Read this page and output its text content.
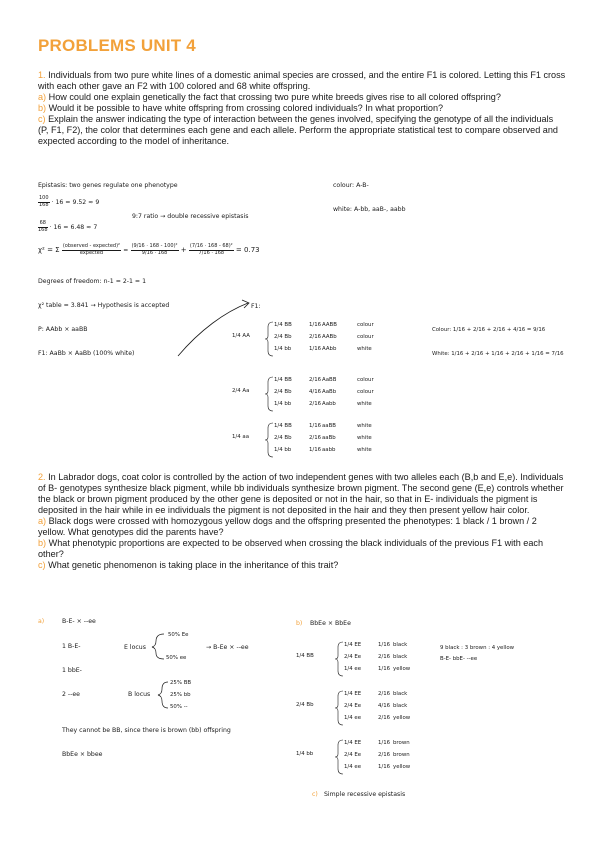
PROBLEMS UNIT 4

1. Individuals from two pure white lines of a domestic animal species are crossed, and the entire F1 is colored. Letting this F1 cross with each other gave an F2 with 100 colored and 68 white offspring.
a) How could one explain genetically the fact that crossing two pure white breeds gives rise to all colored offspring?
b) Would it be possible to have white offspring from crossing colored individuals? In what proportion?
c) Explain the answer indicating the type of interaction between the genes involved, specifying the genotype of all the individuals (P, F1, F2), the color that determines each gene and each allele. Perform the appropriate statistical test to compare observed and expected according to the model of inheritance.

Epistasis: two genes regulate one phenotype	colour: A-B-
white: A-bb, aaB-, aabb
$\frac{100}{168} \cdot 16 = 9.52 \approx 9$
9:7 ratio → double recessive epistasis
$\frac{68}{168} \cdot 16 = 6.48 \approx 7$
χ² = Σ $\frac{\text{(observed - expected)²}}{\text{expected}} = \frac{\text{(9/16 · 168 - 100)²}}{9/16 \cdot 168} + \frac{\text{(7/16 · 168 - 68)²}}{7/16 \cdot 168} = 0.73$
Degrees of freedom: n-1 = 2-1 = 1
χ² table = 3.841 → Hypothesis is accepted
P: AAbb × aaBB
F1: AaBb × AaBb (100% white)
F1:
1/4 AA
1/4 BB	1/16 AABB	colour
2/4 Bb	2/16 AABb	colour
1/4 bb	1/16 AAbb	white
2/4 Aa
1/4 BB	2/16 AaBB	colour
2/4 Bb	4/16 AaBb	colour
1/4 bb	2/16 Aabb	white
1/4 aa
1/4 BB	1/16 aaBB	white
2/4 Bb	2/16 aaBb	white
1/4 bb	1/16 aabb	white
Colour: 1/16 + 2/16 + 2/16 + 4/16 = 9/16
White: 1/16 + 2/16 + 1/16 + 2/16 + 1/16 = 7/16

2. In Labrador dogs, coat color is controlled by the action of two independent genes with two alleles each (B,b and E,e). Individuals of B- genotypes synthesize black pigment, while bb individuals synthesize brown pigment. The second gene (E,e) controls whether the black or brown pigment produced by the other gene is deposited or not in the hair, so that in E- individuals the pigment is deposited in the hair while in ee individuals the pigment is not deposited in the hair and they then present yellow hair color.
a) Black dogs were crossed with homozygous yellow dogs and the offspring presented the phenotypes: 1 black / 1 brown / 2 yellow. What genotypes did the parents have?
b) What phenotypic proportions are expected to be observed when crossing the black individuals of the previous F1 with each other?
c) What genetic phenomenon is taking place in the inheritance of this trait?

a)	B-E- × --ee
1 B-E-
1 bbE-
2 --ee
E locus
50% Ee
50% ee
→ B-Ee × --ee
B locus
25% BB
25% bb
50% --
They cannot be BB, since there is brown (bb) offspring
BbEe × bbee
b) BbEe × BbEe
1/4 BB
1/4 EE	1/16 black
2/4 Ee	2/16 black
1/4 ee	1/16 yellow
2/4 Bb
1/4 EE	2/16 black
2/4 Ee	4/16 black
1/4 ee	2/16 yellow
1/4 bb
1/4 EE	1/16 brown
2/4 Ee	2/16 brown
1/4 ee	1/16 yellow
9 black : 3 brown : 4 yellow
B-E- bbE- --ee
c) Simple recessive epistasis
